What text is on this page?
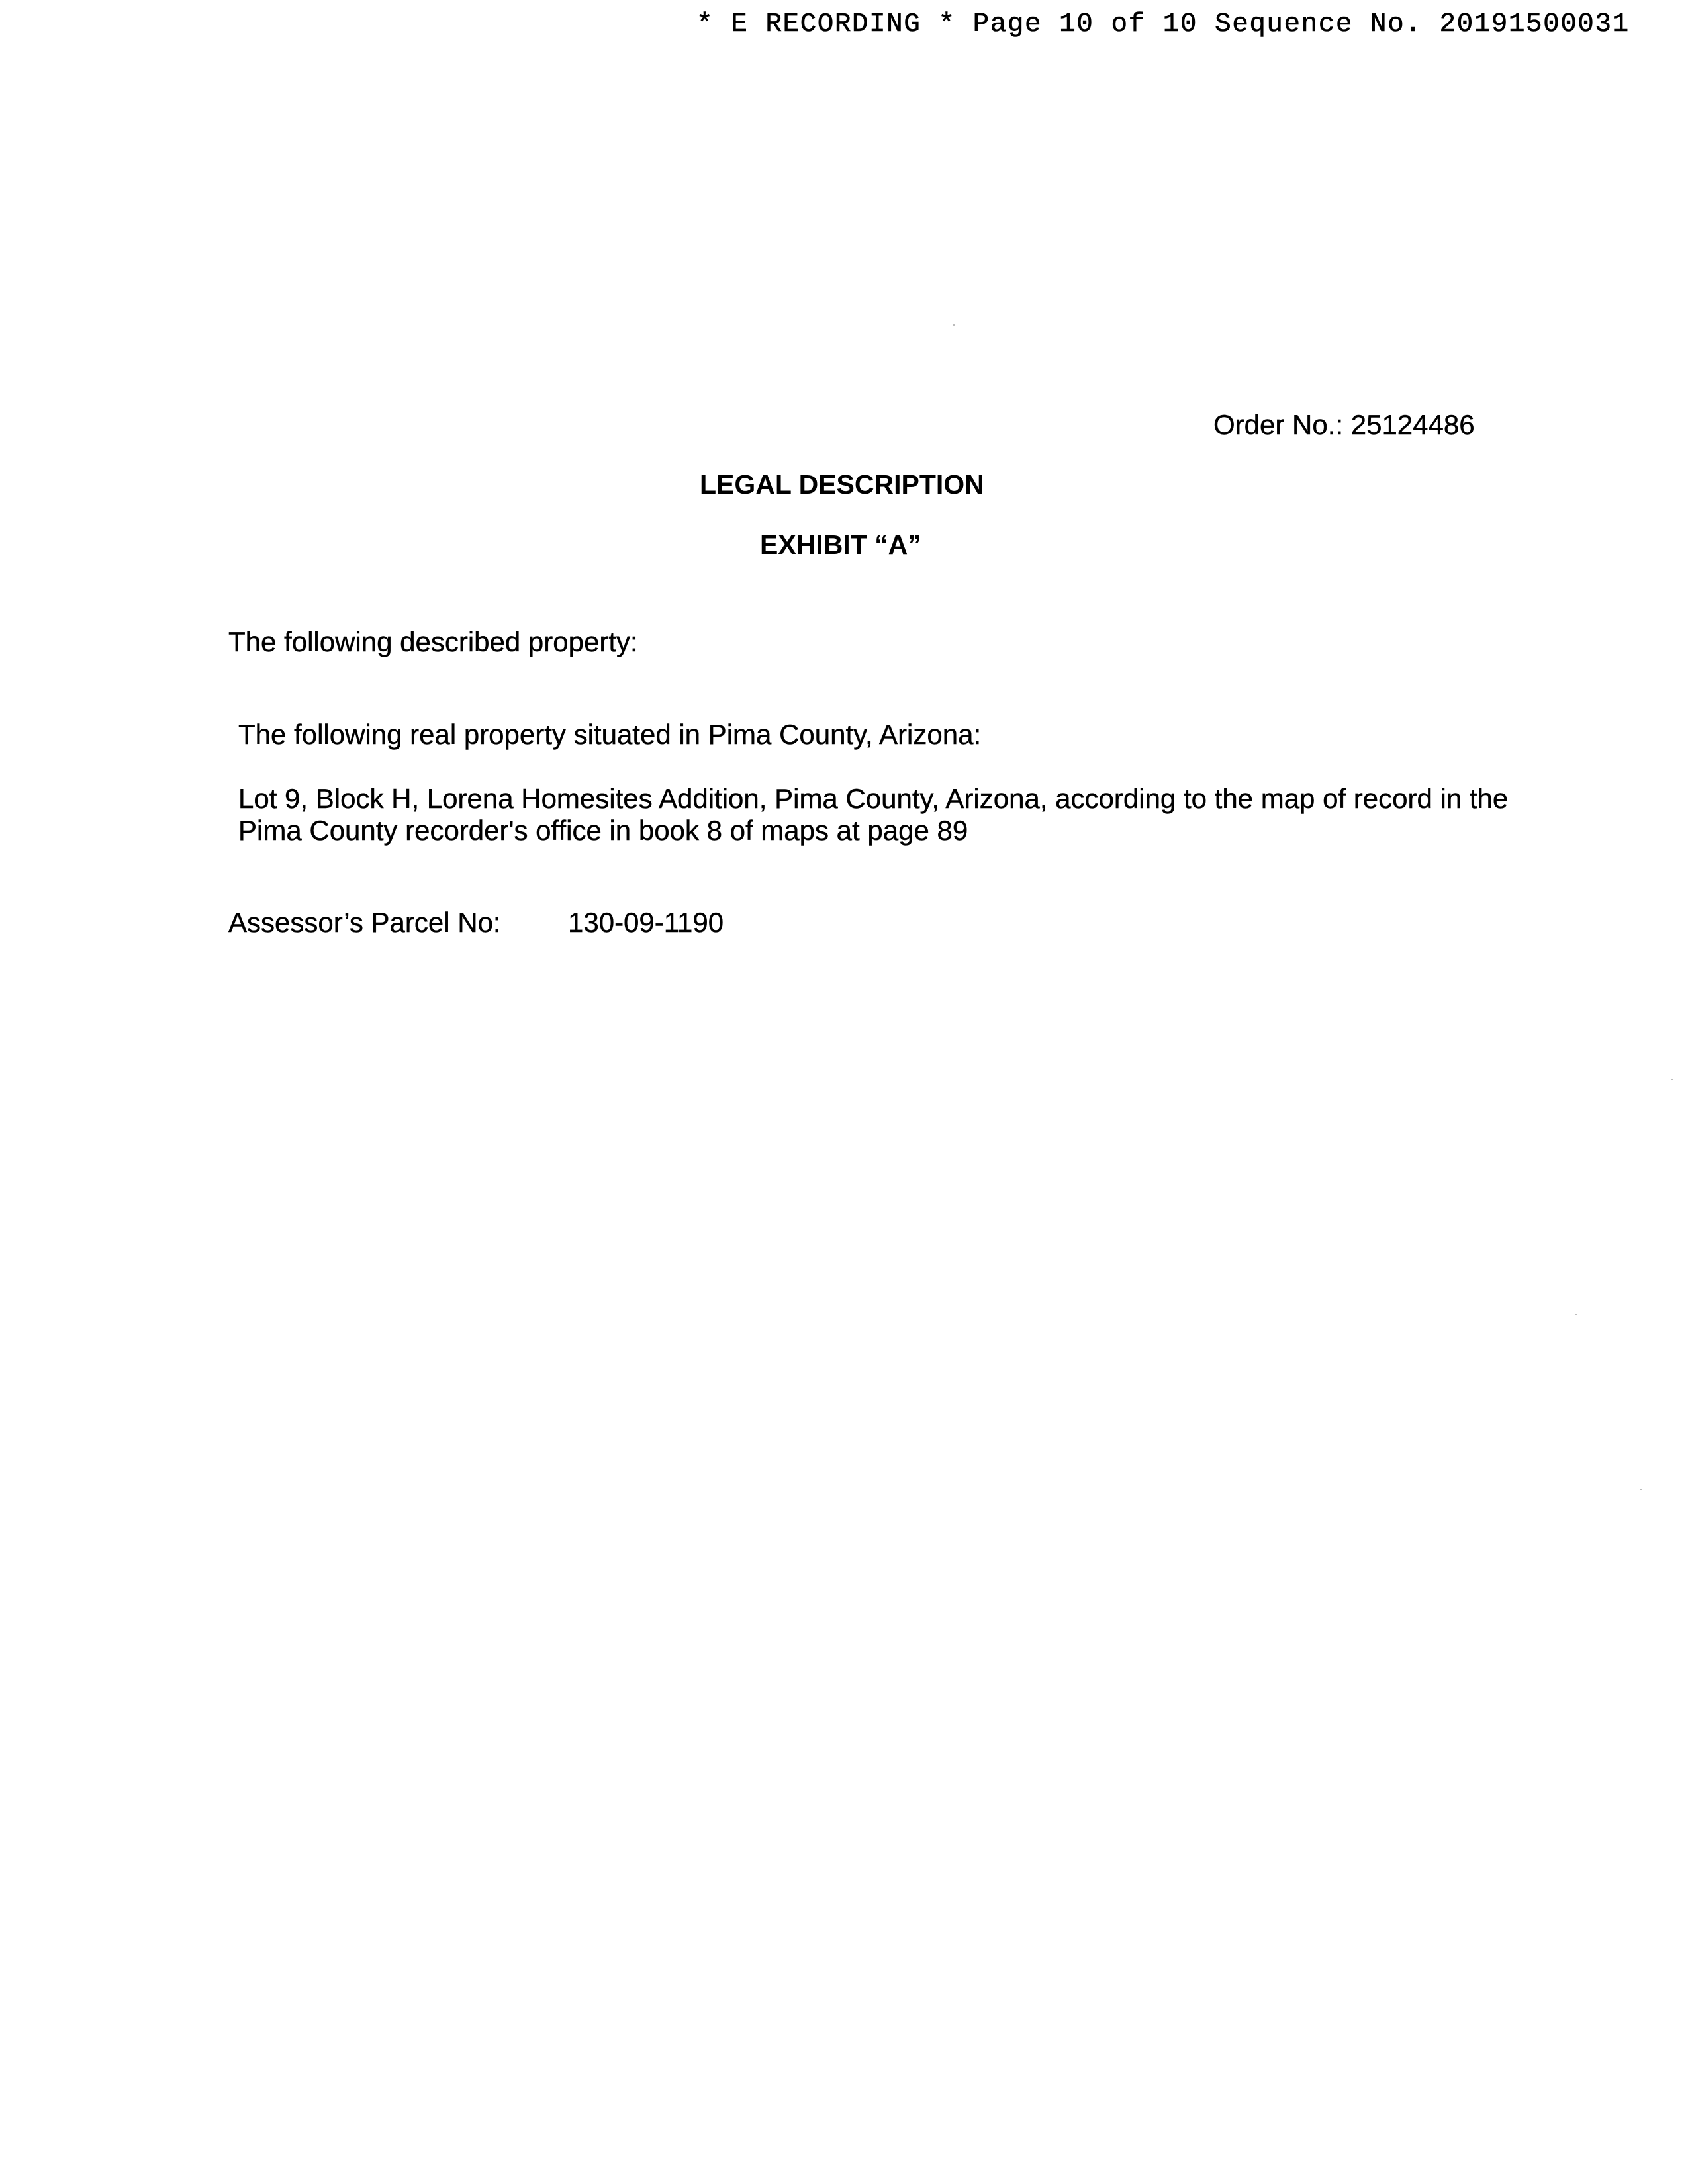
* E RECORDING * Page 10 of 10 Sequence No. 20191500031
Order No.: 25124486
LEGAL DESCRIPTION
EXHIBIT “A”
The following described property:
The following real property situated in Pima County, Arizona:
Lot 9, Block H, Lorena Homesites Addition, Pima County, Arizona, according to the map of record in the
Pima County recorder's office in book 8 of maps at page 89
Assessor’s Parcel No: 130-09-1190
